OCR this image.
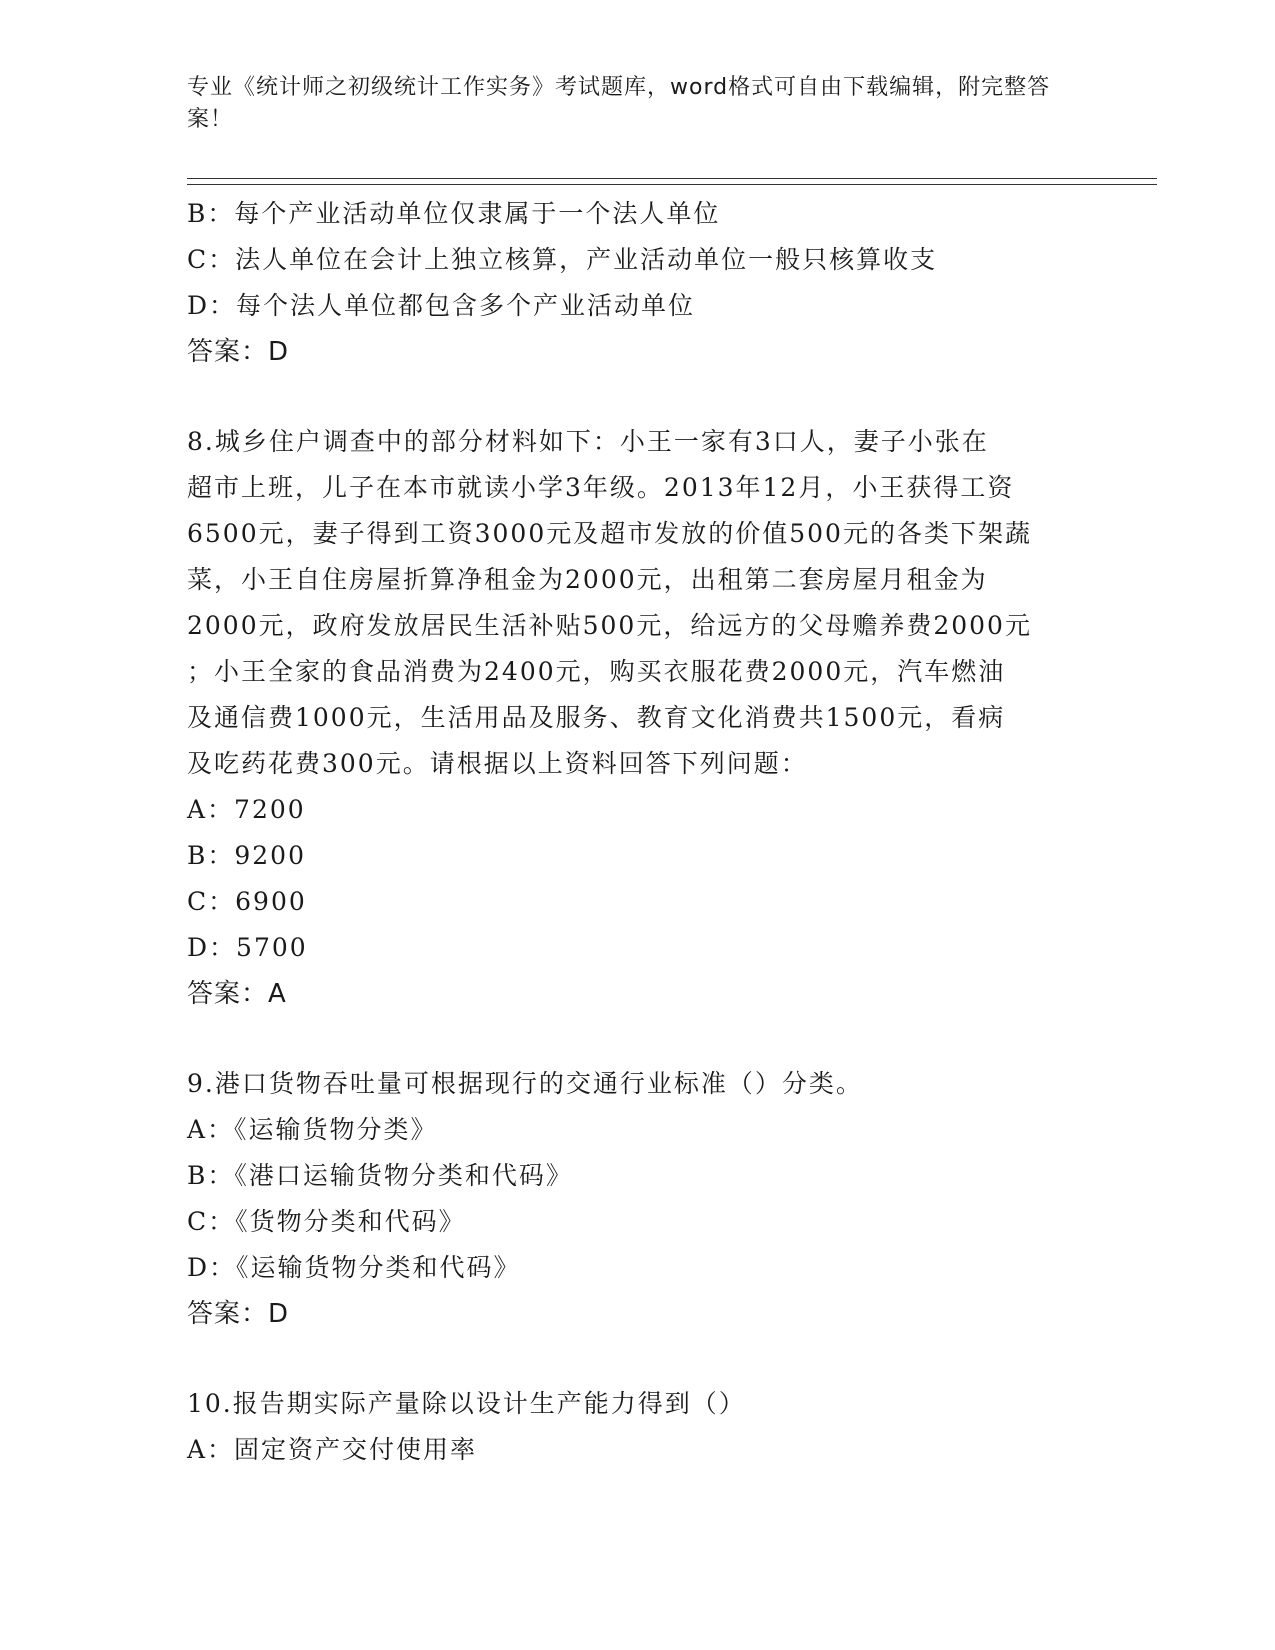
专业《统计师之初级统计工作实务》考试题库，word格式可自由下载编辑，附完整答案！
B：每个产业活动单位仅隶属于一个法人单位
C：法人单位在会计上独立核算，产业活动单位一般只核算收支
D：每个法人单位都包含多个产业活动单位
答案：D
8.城乡住户调查中的部分材料如下：小王一家有3口人，妻子小张在
超市上班，儿子在本市就读小学3年级。2013年12月，小王获得工资
6500元，妻子得到工资3000元及超市发放的价值500元的各类下架蔬
菜，小王自住房屋折算净租金为2000元，出租第二套房屋月租金为
2000元，政府发放居民生活补贴500元，给远方的父母赡养费2000元
；小王全家的食品消费为2400元，购买衣服花费2000元，汽车燃油
及通信费1000元，生活用品及服务、教育文化消费共1500元，看病
及吃药花费300元。请根据以上资料回答下列问题：
A：7200
B：9200
C：6900
D：5700
答案：A
9.港口货物吞吐量可根据现行的交通行业标准（）分类。
A：《运输货物分类》
B：《港口运输货物分类和代码》
C：《货物分类和代码》
D：《运输货物分类和代码》
答案：D
10.报告期实际产量除以设计生产能力得到（）
A：固定资产交付使用率
